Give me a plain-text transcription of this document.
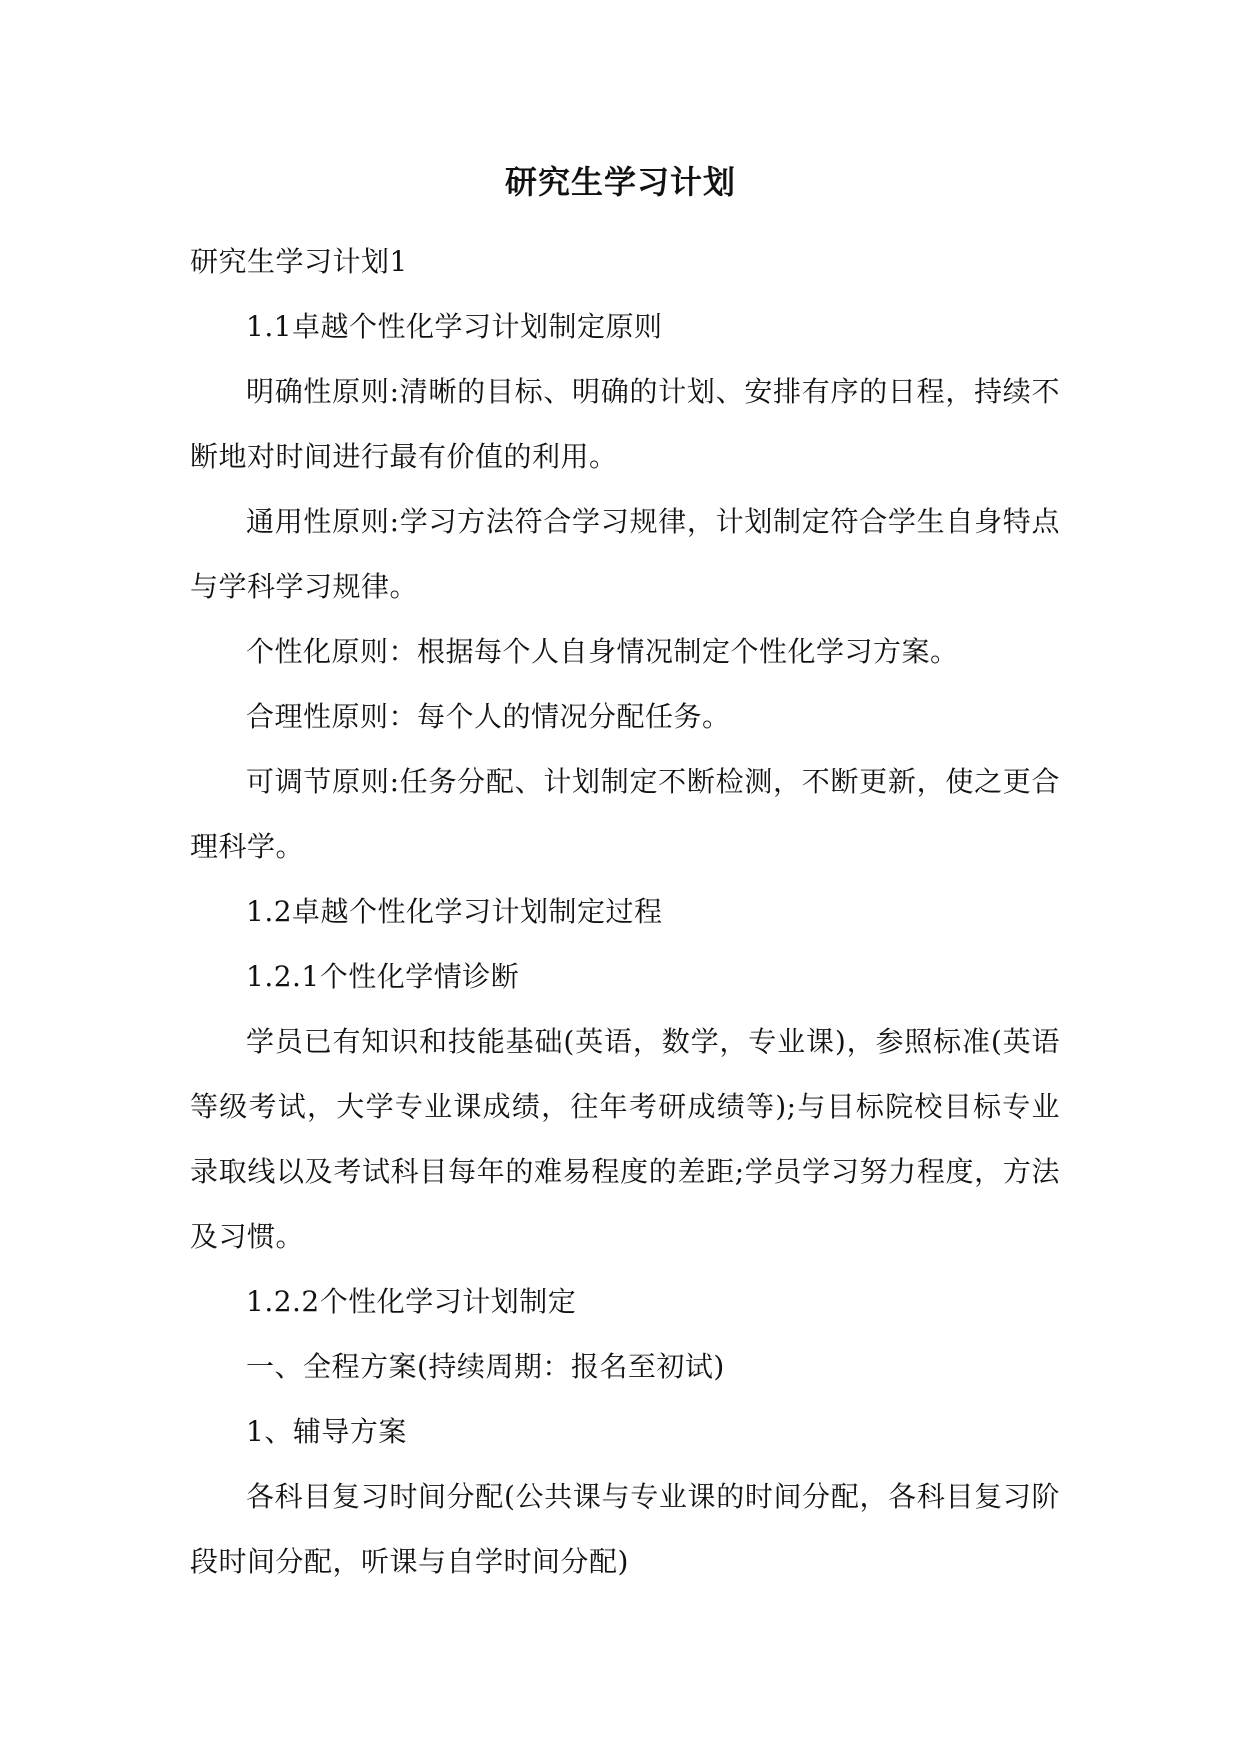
研究生学习计划

研究生学习计划1

1.1卓越个性化学习计划制定原则

明确性原则:清晰的目标、明确的计划、安排有序的日程，持续不断地对时间进行最有价值的利用。

通用性原则:学习方法符合学习规律，计划制定符合学生自身特点与学科学习规律。

个性化原则：根据每个人自身情况制定个性化学习方案。

合理性原则：每个人的情况分配任务。

可调节原则:任务分配、计划制定不断检测，不断更新，使之更合理科学。

1.2卓越个性化学习计划制定过程

1.2.1个性化学情诊断

学员已有知识和技能基础(英语，数学，专业课)，参照标准(英语等级考试，大学专业课成绩，往年考研成绩等);与目标院校目标专业录取线以及考试科目每年的难易程度的差距;学员学习努力程度，方法及习惯。

1.2.2个性化学习计划制定

一、全程方案(持续周期：报名至初试)

1、辅导方案

各科目复习时间分配(公共课与专业课的时间分配，各科目复习阶段时间分配，听课与自学时间分配)
